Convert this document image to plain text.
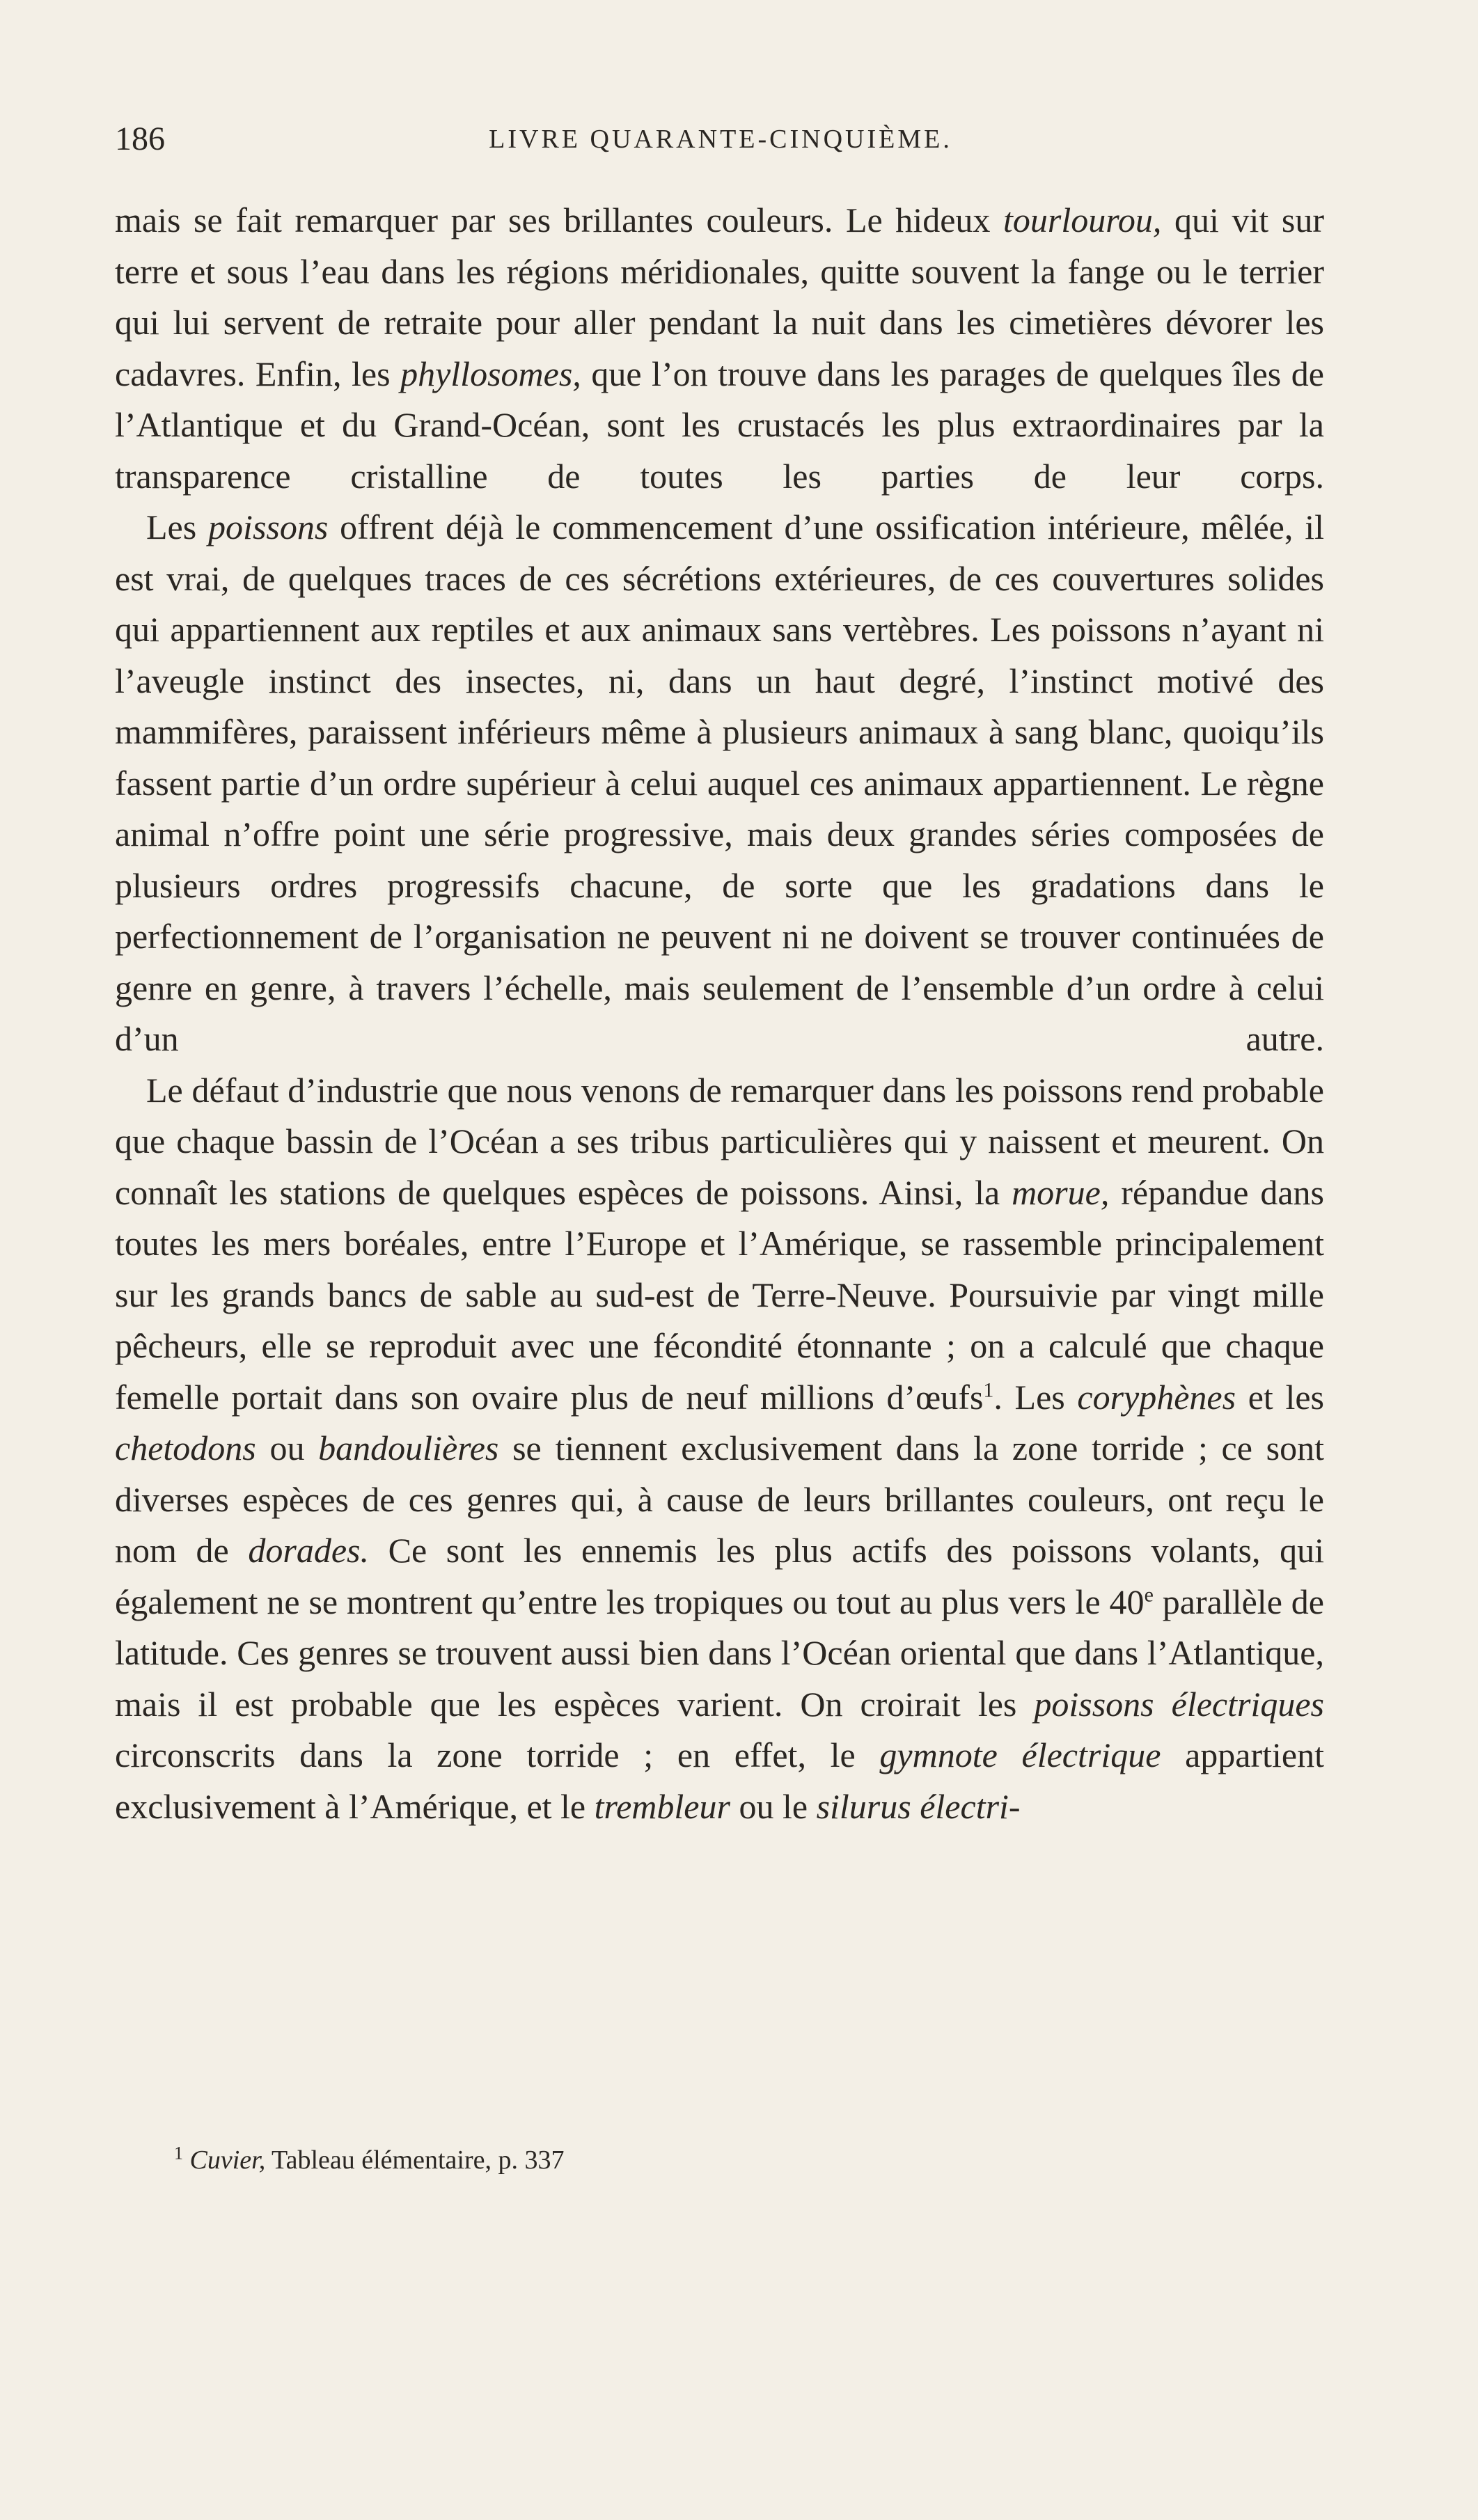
186	LIVRE QUARANTE-CINQUIÈME.

mais se fait remarquer par ses brillantes couleurs. Le hideux tourlourou, qui vit sur terre et sous l’eau dans les régions méridionales, quitte souvent la fange ou le terrier qui lui servent de retraite pour aller pendant la nuit dans les cimetières dévorer les cadavres. Enfin, les phyllosomes, que l’on trouve dans les parages de quelques îles de l’Atlantique et du Grand-Océan, sont les crustacés les plus extraordinaires par la transparence cristalline de toutes les parties de leur corps.

Les poissons offrent déjà le commencement d’une ossification intérieure, mêlée, il est vrai, de quelques traces de ces sécrétions extérieures, de ces couvertures solides qui appartiennent aux reptiles et aux animaux sans vertèbres. Les poissons n’ayant ni l’aveugle instinct des insectes, ni, dans un haut degré, l’instinct motivé des mammifères, paraissent inférieurs même à plusieurs animaux à sang blanc, quoiqu’ils fassent partie d’un ordre supérieur à celui auquel ces animaux appartiennent. Le règne animal n’offre point une série progressive, mais deux grandes séries composées de plusieurs ordres progressifs chacune, de sorte que les gradations dans le perfectionnement de l’organisation ne peuvent ni ne doivent se trouver continuées de genre en genre, à travers l’échelle, mais seulement de l’ensemble d’un ordre à celui d’un autre.

Le défaut d’industrie que nous venons de remarquer dans les poissons rend probable que chaque bassin de l’Océan a ses tribus particulières qui y naissent et meurent. On connaît les stations de quelques espèces de poissons. Ainsi, la morue, répandue dans toutes les mers boréales, entre l’Europe et l’Amérique, se rassemble principalement sur les grands bancs de sable au sud-est de Terre-Neuve. Poursuivie par vingt mille pêcheurs, elle se reproduit avec une fécondité étonnante ; on a calculé que chaque femelle portait dans son ovaire plus de neuf millions d’œufs$^1$. Les coryphènes et les chetodons ou bandoulières se tiennent exclusivement dans la zone torride ; ce sont diverses espèces de ces genres qui, à cause de leurs brillantes couleurs, ont reçu le nom de dorades. Ce sont les ennemis les plus actifs des poissons volants, qui également ne se montrent qu’entre les tropiques ou tout au plus vers le 40e parallèle de latitude. Ces genres se trouvent aussi bien dans l’Océan oriental que dans l’Atlantique, mais il est probable que les espèces varient. On croirait les poissons électriques circonscrits dans la zone torride ; en effet, le gymnote électrique appartient exclusivement à l’Amérique, et le trembleur ou le silurus électri-

$^1$ Cuvier, Tableau élémentaire, p. 337
